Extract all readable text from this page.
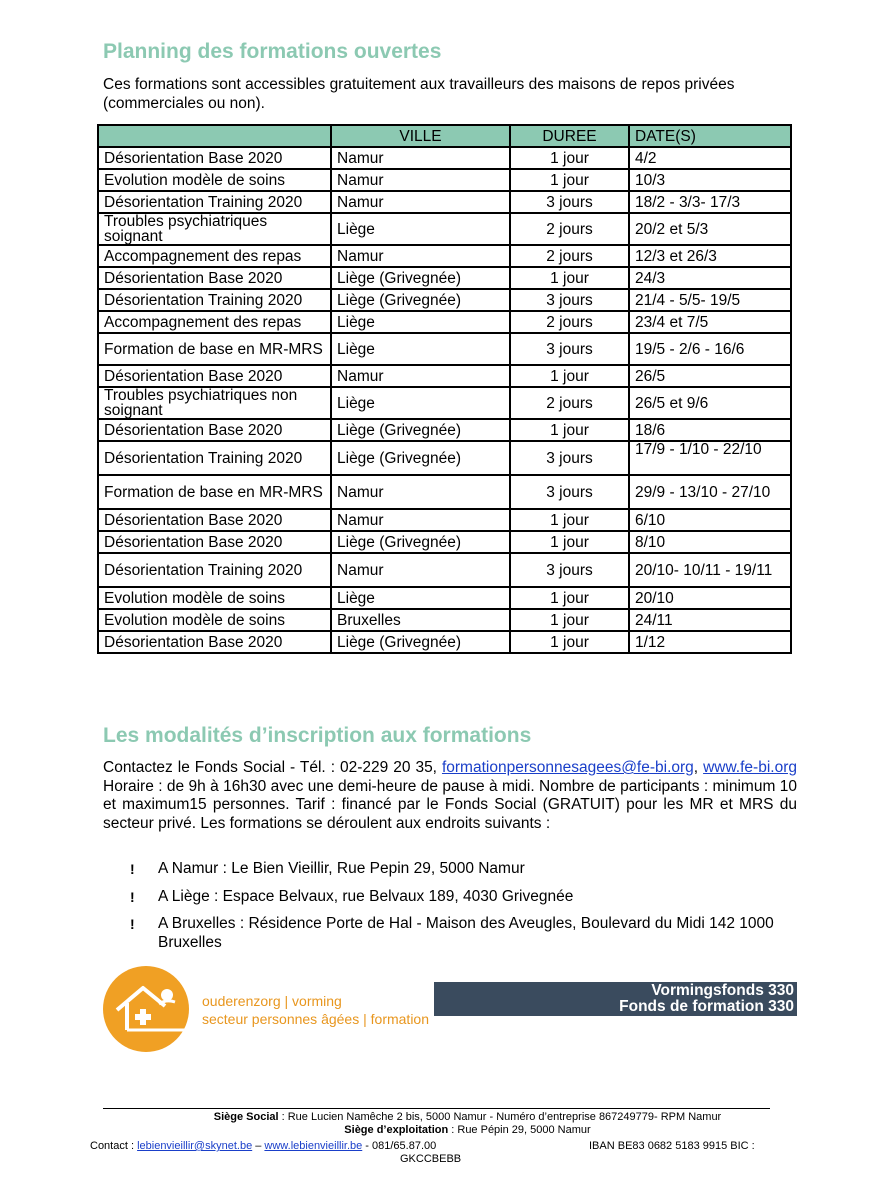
Planning des formations ouvertes

Ces formations sont accessibles gratuitement aux travailleurs des maisons de repos privées (commerciales ou non).

	VILLE	DUREE	DATE(S)
Désorientation Base 2020	Namur	1 jour	4/2
Evolution modèle de soins	Namur	1 jour	10/3
Désorientation Training 2020	Namur	3 jours	18/2 - 3/3- 17/3
Troubles psychiatriques soignant	Liège	2 jours	20/2 et 5/3
Accompagnement des repas	Namur	2 jours	12/3 et 26/3
Désorientation Base 2020	Liège (Grivegnée)	1 jour	24/3
Désorientation Training 2020	Liège (Grivegnée)	3 jours	21/4 - 5/5- 19/5
Accompagnement des repas	Liège	2 jours	23/4 et 7/5
Formation de base en MR-MRS	Liège	3 jours	19/5 - 2/6 - 16/6
Désorientation Base 2020	Namur	1 jour	26/5
Troubles psychiatriques non soignant	Liège	2 jours	26/5 et 9/6
Désorientation Base 2020	Liège (Grivegnée)	1 jour	18/6
Désorientation Training 2020	Liège (Grivegnée)	3 jours	17/9 - 1/10 - 22/10
Formation de base en MR-MRS	Namur	3 jours	29/9 - 13/10 - 27/10
Désorientation Base 2020	Namur	1 jour	6/10
Désorientation Base 2020	Liège (Grivegnée)	1 jour	8/10
Désorientation Training 2020	Namur	3 jours	20/10- 10/11 - 19/11
Evolution modèle de soins	Liège	1 jour	20/10
Evolution modèle de soins	Bruxelles	1 jour	24/11
Désorientation Base 2020	Liège (Grivegnée)	1 jour	1/12
Les modalités d’inscription aux formations

Contactez le Fonds Social - Tél. : 02-229 20 35, formationpersonnesagees@fe-bi.org, www.fe-bi.org Horaire : de 9h à 16h30 avec une demi-heure de pause à midi. Nombre de participants : minimum 10 et maximum15 personnes. Tarif : financé par le Fonds Social (GRATUIT) pour les MR et MRS du secteur privé. Les formations se déroulent aux endroits suivants :

! A Namur : Le Bien Vieillir, Rue Pepin 29, 5000 Namur
! A Liège : Espace Belvaux, rue Belvaux 189, 4030 Grivegnée
! A Bruxelles : Résidence Porte de Hal - Maison des Aveugles, Boulevard du Midi 142 1000 Bruxelles
ouderenzorg | vorming
secteur personnes âgées | formation
Vormingsfonds 330
Fonds de formation 330
Siège Social : Rue Lucien Namêche 2 bis, 5000 Namur - Numéro d’entreprise 867249779- RPM Namur
Siège d’exploitation : Rue Pépin 29, 5000 Namur
Contact : lebienvieillir@skynet.be – www.lebienvieillir.be - 081/65.87.00	IBAN BE83 0682 5183 9915 BIC :
GKCCBEBB
